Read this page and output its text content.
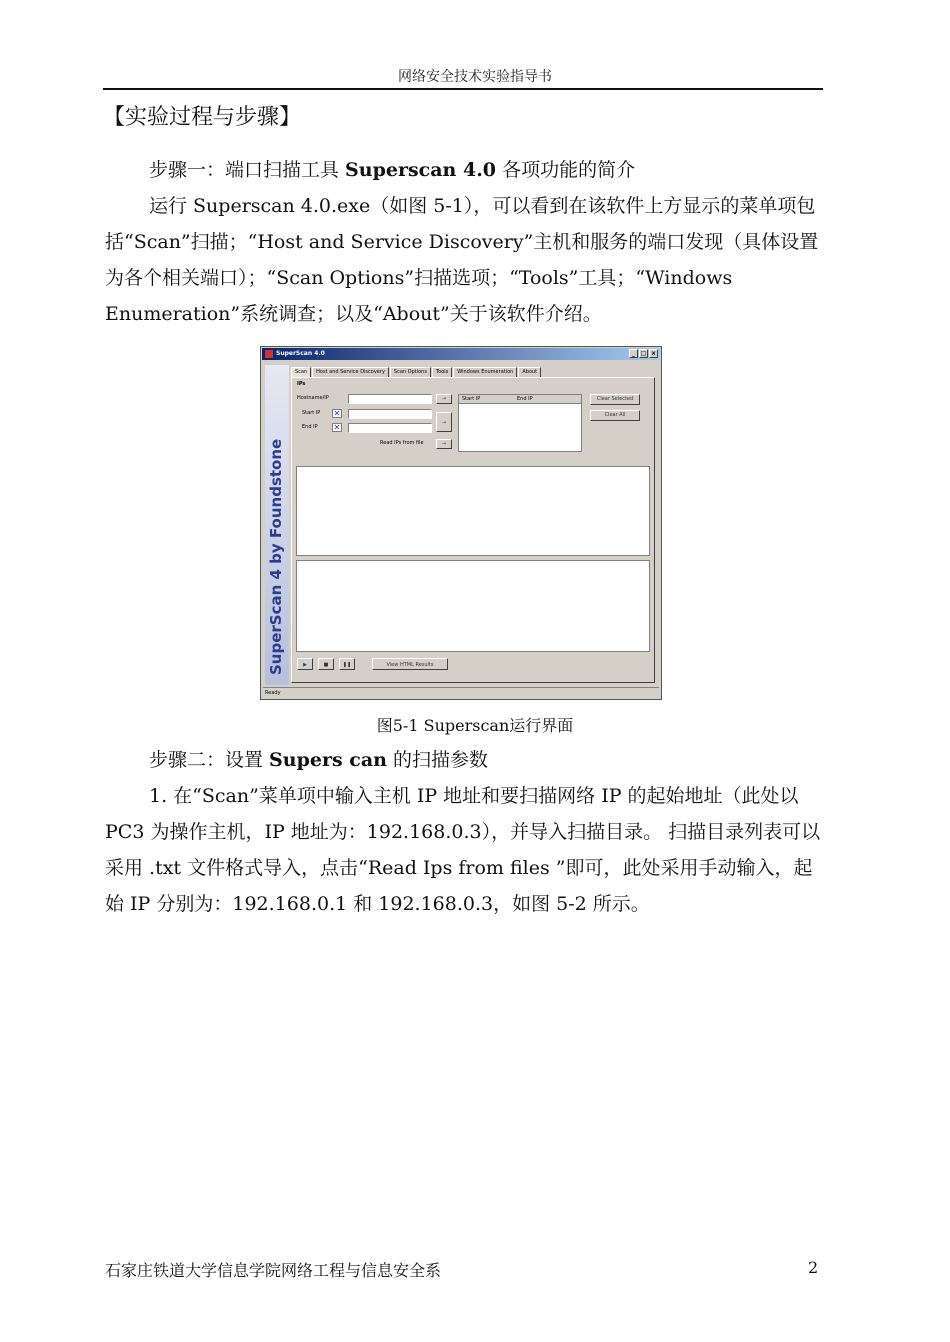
网络安全技术实验指导书
【实验过程与步骤】

步骤一：端口扫描工具 Superscan 4.0 各项功能的简介

运行 Superscan 4.0.exe（如图 5-1），可以看到在该软件上方显示的菜单项包括“Scan”扫描；“Host and Service Discovery”主机和服务的端口发现（具体设置为各个相关端口）；“Scan Options”扫描选项；“Tools”工具；“Windows Enumeration”系统调查；以及“About”关于该软件介绍。

SuperScan 4.0	_ □ ×
SuperScan 4 by Foundstone
Scan	Host and Service Discovery	Scan Options	Tools	Windows Enumeration	About
IPs
Hostname/IP	→
Start IP ✕
End IP ✕	→
Read IPs from file	→
Start IP	End IP	Clear Selected
Clear All
▶	■	❚❚	View HTML Results
Ready
图5-1 Superscan运行界面

步骤二：设置 Supers can 的扫描参数

1. 在“Scan”菜单项中输入主机 IP 地址和要扫描网络 IP 的起始地址（此处以 PC3 为操作主机，IP 地址为：192.168.0.3），并导入扫描目录。 扫描目录列表可以采用 .txt 文件格式导入，点击“Read Ips from files ”即可，此处采用手动输入，起始 IP 分别为：192.168.0.1 和 192.168.0.3，如图 5-2 所示。

石家庄铁道大学信息学院网络工程与信息安全系	2
